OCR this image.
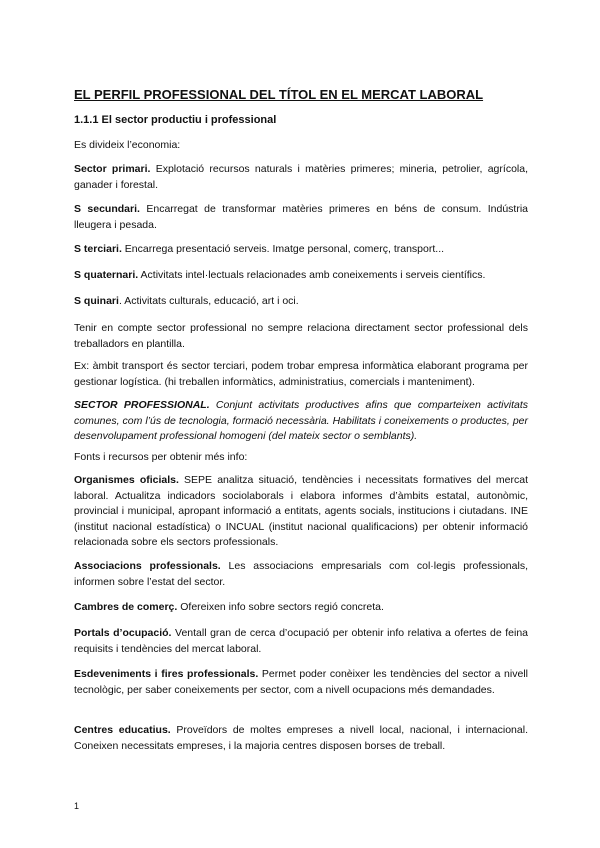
EL PERFIL PROFESSIONAL DEL TÍTOL EN EL MERCAT LABORAL

1.1.1 El sector productiu i professional

Es divideix l’economia:

Sector primari. Explotació recursos naturals i matèries primeres; mineria, petrolier, agrícola, ganader i forestal.

S secundari. Encarregat de transformar matèries primeres en béns de consum. Indústria lleugera i pesada.

S terciari. Encarrega presentació serveis. Imatge personal, comerç, transport...

S quaternari. Activitats intel·lectuals relacionades amb coneixements i serveis científics.

S quinari. Activitats culturals, educació, art i oci.

Tenir en compte sector professional no sempre relaciona directament sector professional dels treballadors en plantilla.

Ex: àmbit transport és sector terciari, podem trobar empresa informàtica elaborant programa per gestionar logística. (hi treballen informàtics, administratius, comercials i manteniment).

SECTOR PROFESSIONAL. Conjunt activitats productives afins que comparteixen activitats comunes, com l’ús de tecnologia, formació necessària. Habilitats i coneixements o productes, per desenvolupament professional homogeni (del mateix sector o semblants).

Fonts i recursos per obtenir més info:

Organismes oficials. SEPE analitza situació, tendències i necessitats formatives del mercat laboral. Actualitza indicadors sociolaborals i elabora informes d’àmbits estatal, autonòmic, provincial i municipal, apropant informació a entitats, agents socials, institucions i ciutadans. INE (institut nacional estadística) o INCUAL (institut nacional qualificacions) per obtenir informació relacionada sobre els sectors professionals.

Associacions professionals. Les associacions empresarials com col·legis professionals, informen sobre l’estat del sector.

Cambres de comerç. Ofereixen info sobre sectors regió concreta.

Portals d’ocupació. Ventall gran de cerca d’ocupació per obtenir info relativa a ofertes de feina requisits i tendències del mercat laboral.

Esdeveniments i fires professionals. Permet poder conèixer les tendències del sector a nivell tecnològic, per saber coneixements per sector, com a nivell ocupacions més demandades.

Centres educatius. Proveïdors de moltes empreses a nivell local, nacional, i internacional. Coneixen necessitats empreses, i la majoria centres disposen borses de treball.

1
